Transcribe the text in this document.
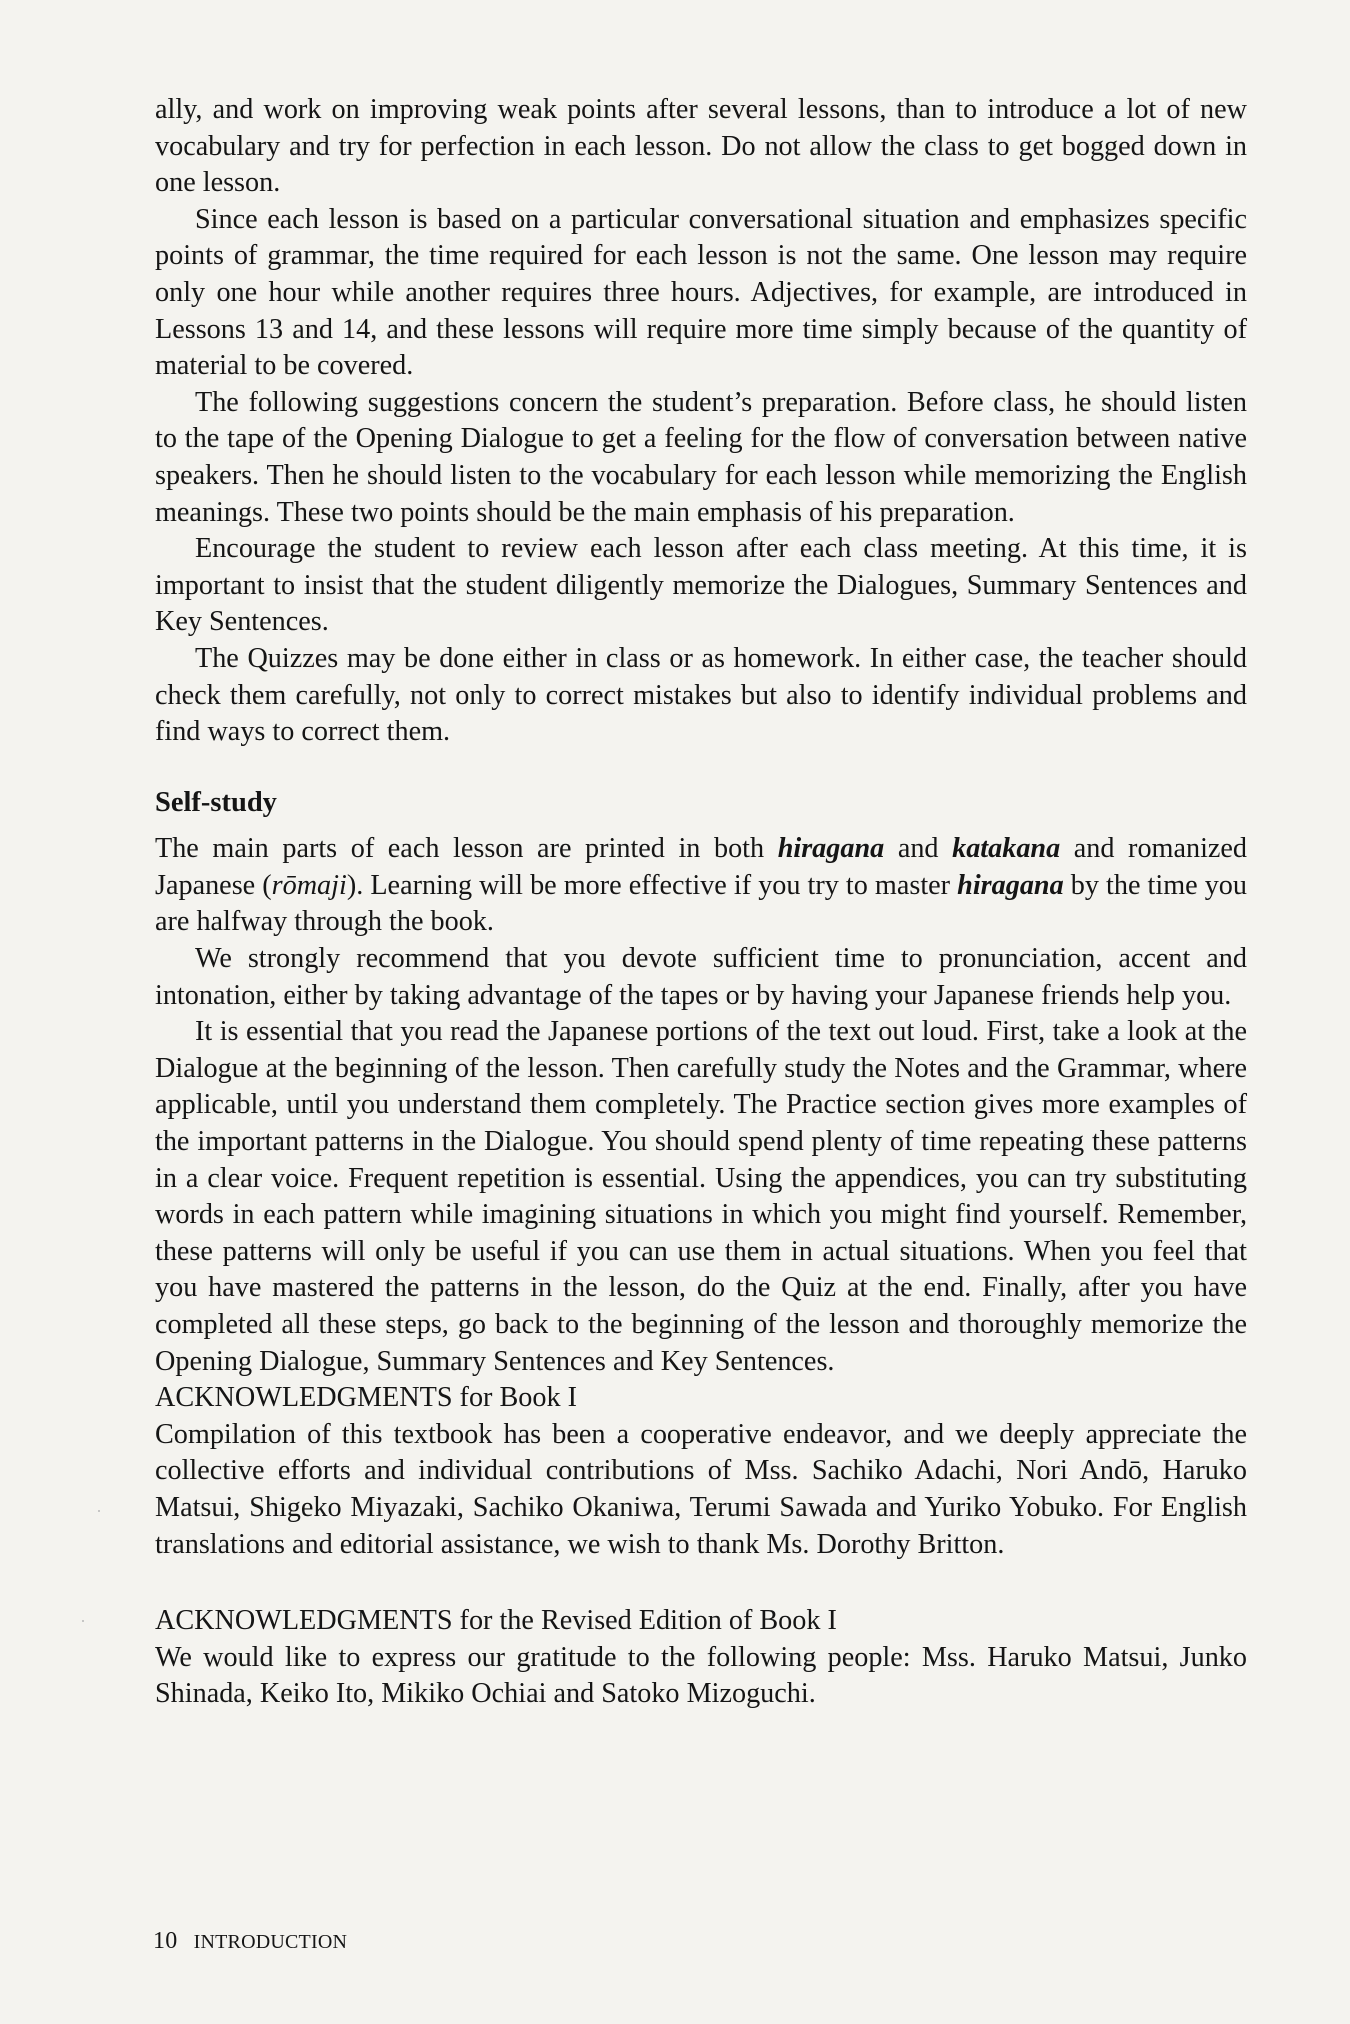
ally, and work on improving weak points after several lessons, than to introduce a lot of new vocabulary and try for perfection in each lesson. Do not allow the class to get bogged down in one lesson.

Since each lesson is based on a particular conversational situation and emphasizes specific points of grammar, the time required for each lesson is not the same. One lesson may require only one hour while another requires three hours. Adjectives, for example, are introduced in Lessons 13 and 14, and these lessons will require more time simply because of the quantity of material to be covered.

The following suggestions concern the student’s preparation. Before class, he should listen to the tape of the Opening Dialogue to get a feeling for the flow of conversation between native speakers. Then he should listen to the vocabulary for each lesson while memorizing the English meanings. These two points should be the main emphasis of his preparation.

Encourage the student to review each lesson after each class meeting. At this time, it is important to insist that the student diligently memorize the Dialogues, Summary Sentences and Key Sentences.

The Quizzes may be done either in class or as homework. In either case, the teacher should check them carefully, not only to correct mistakes but also to identify individual problems and find ways to correct them.

Self-study

The main parts of each lesson are printed in both hiragana and katakana and romanized Japanese (rōmaji). Learning will be more effective if you try to master hiragana by the time you are halfway through the book.

We strongly recommend that you devote sufficient time to pronunciation, accent and intonation, either by taking advantage of the tapes or by having your Japanese friends help you.

It is essential that you read the Japanese portions of the text out loud. First, take a look at the Dialogue at the beginning of the lesson. Then carefully study the Notes and the Grammar, where applicable, until you understand them completely. The Practice section gives more examples of the important patterns in the Dialogue. You should spend plenty of time repeating these patterns in a clear voice. Frequent repetition is essential. Using the appendices, you can try substituting words in each pattern while imagining situations in which you might find yourself. Remember, these patterns will only be useful if you can use them in actual situations. When you feel that you have mastered the patterns in the lesson, do the Quiz at the end. Finally, after you have completed all these steps, go back to the beginning of the lesson and thoroughly memorize the Opening Dialogue, Summary Sentences and Key Sentences.

ACKNOWLEDGMENTS for Book I

Compilation of this textbook has been a cooperative endeavor, and we deeply appreciate the collective efforts and individual contributions of Mss. Sachiko Adachi, Nori Andō, Haruko Matsui, Shigeko Miyazaki, Sachiko Okaniwa, Terumi Sawada and Yuriko Yobuko. For English translations and editorial assistance, we wish to thank Ms. Dorothy Britton.

ACKNOWLEDGMENTS for the Revised Edition of Book I

We would like to express our gratitude to the following people: Mss. Haruko Matsui, Junko Shinada, Keiko Ito, Mikiko Ochiai and Satoko Mizoguchi.

10 INTRODUCTION
